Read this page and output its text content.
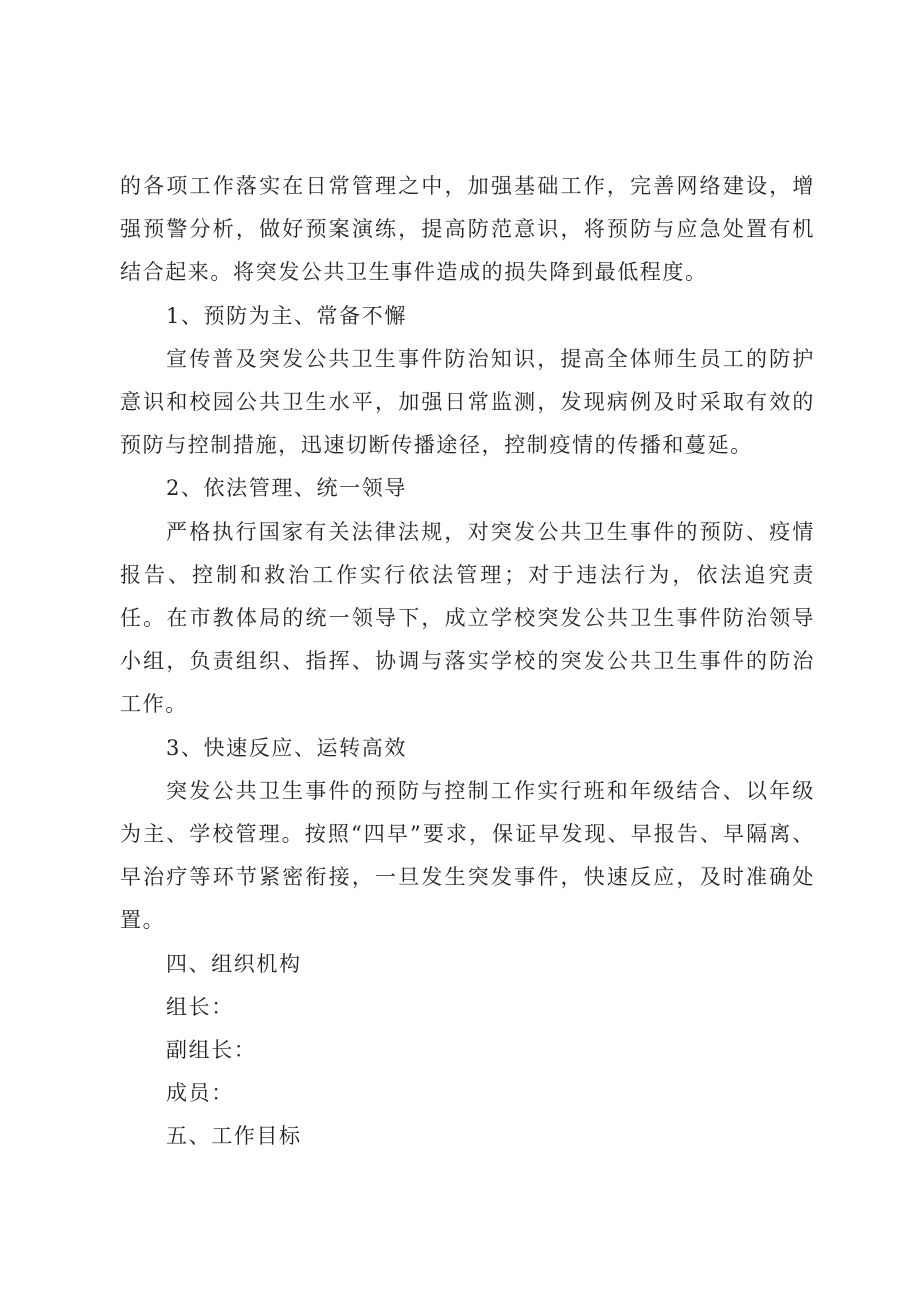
的各项工作落实在日常管理之中，加强基础工作，完善网络建设，增强预警分析，做好预案演练，提高防范意识，将预防与应急处置有机结合起来。将突发公共卫生事件造成的损失降到最低程度。

1、预防为主、常备不懈

宣传普及突发公共卫生事件防治知识，提高全体师生员工的防护意识和校园公共卫生水平，加强日常监测，发现病例及时采取有效的预防与控制措施，迅速切断传播途径，控制疫情的传播和蔓延。

2、依法管理、统一领导

严格执行国家有关法律法规，对突发公共卫生事件的预防、疫情报告、控制和救治工作实行依法管理；对于违法行为，依法追究责任。在市教体局的统一领导下，成立学校突发公共卫生事件防治领导小组，负责组织、指挥、协调与落实学校的突发公共卫生事件的防治工作。

3、快速反应、运转高效

突发公共卫生事件的预防与控制工作实行班和年级结合、以年级为主、学校管理。按照“四早”要求，保证早发现、早报告、早隔离、早治疗等环节紧密衔接，一旦发生突发事件，快速反应，及时准确处置。

四、组织机构

组长：

副组长：

成员：

五、工作目标
